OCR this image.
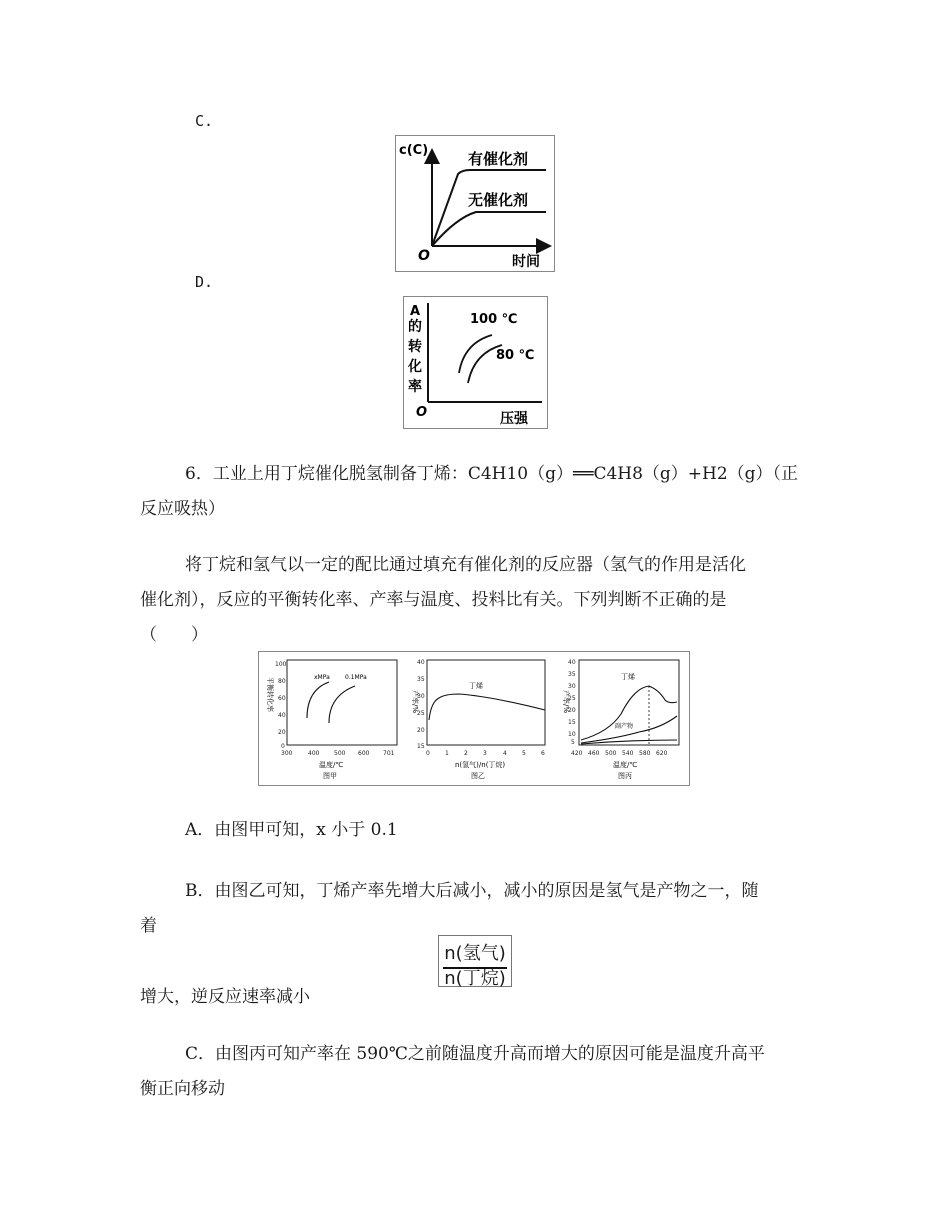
C.
D.
c(C)
O	时间
有催化剂
无催化剂
A
的
转
化
率
O	压强
100 ℃
80 ℃
6．工业上用丁烷催化脱氢制备丁烯：C4H10（g）══C4H8（g）+H2（g）（正
反应吸热）
将丁烷和氢气以一定的配比通过填充有催化剂的反应器（氢气的作用是活化
催化剂），反应的平衡转化率、产率与温度、投料比有关。下列判断不正确的是
（　　）
100
80
60
40
20
0
300	400 500 600 701
平衡转化率	xMPa	0.1MPa
温度/℃
图甲
40
35
30
25
20
15
0	1	2	3	4	5	6
产率/%
丁烯
n(氢气)/n(丁烷)
图乙
40
35
30
25
20
15
10
5
420 460 500 540 580 620
产率/%
丁烯
副产物
温度/℃
图丙
A．由图甲可知，x 小于 0.1
B．由图乙可知，丁烯产率先增大后减小，减小的原因是氢气是产物之一，随
着
n(氢气)
n(丁烷)
增大，逆反应速率减小
C．由图丙可知产率在 590℃之前随温度升高而增大的原因可能是温度升高平
衡正向移动
